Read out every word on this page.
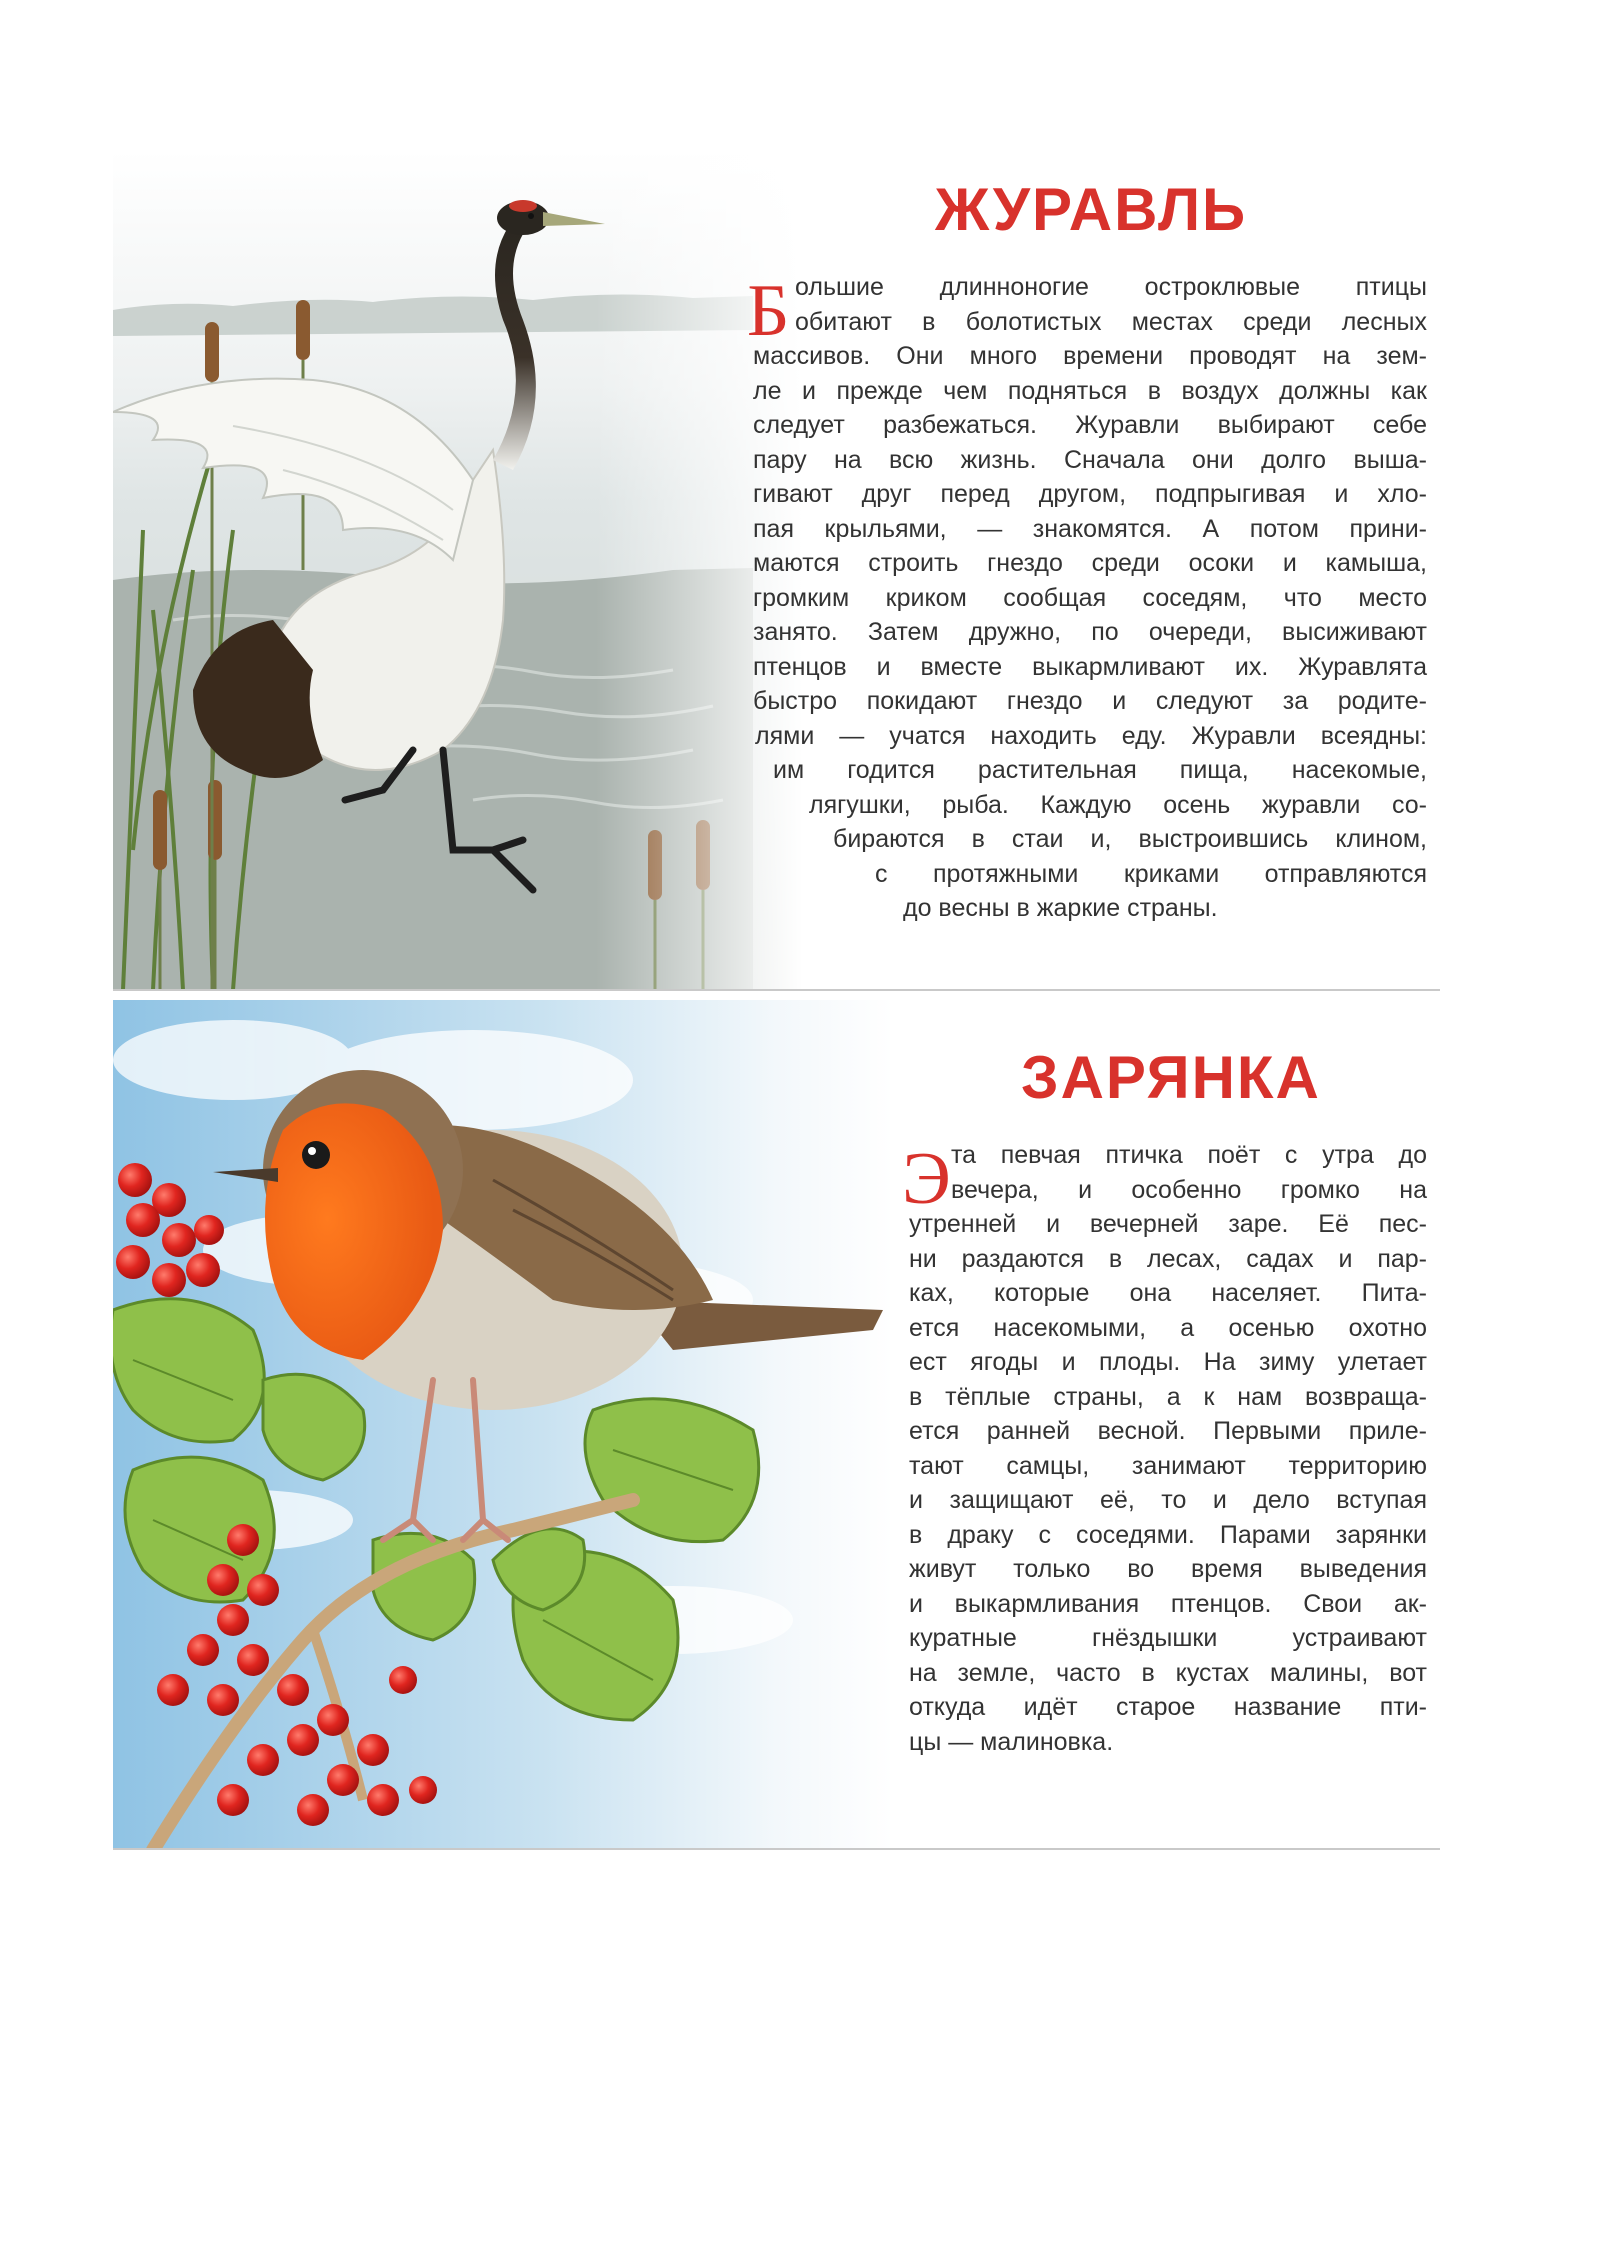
ЖУРАВЛЬ
Б ольшие длинноногие остроклювые птицы
обитают в болотистых местах среди лесных
массивов. Они много времени проводят на зем-
ле и прежде чем подняться в воздух должны как
следует разбежаться. Журавли выбирают себе
пару на всю жизнь. Сначала они долго выша-
гивают друг перед другом, подпрыгивая и хло-
пая крыльями, — знакомятся. А потом прини-
маются строить гнездо среди осоки и камыша,
громким криком сообщая соседям, что место
занято. Затем дружно, по очереди, высиживают
птенцов и вместе выкармливают их. Журавлята
быстро покидают гнездо и следуют за родите-
лями — учатся находить еду. Журавли всеядны:
им годится растительная пища, насекомые,
лягушки, рыба. Каждую осень журавли со-
бираются в стаи и, выстроившись клином,
с протяжными криками отправляются
до весны в жаркие страны.
ЗАРЯНКА
Э та певчая птичка поёт с утра до
вечера, и особенно громко на
утренней и вечерней заре. Её пес-
ни раздаются в лесах, садах и пар-
ках, которые она населяет. Пита-
ется насекомыми, а осенью охотно
ест ягоды и плоды. На зиму улетает
в тёплые страны, а к нам возвраща-
ется ранней весной. Первыми приле-
тают самцы, занимают территорию
и защищают её, то и дело вступая
в драку с соседями. Парами зарянки
живут только во время выведения
и выкармливания птенцов. Свои ак-
куратные гнёздышки устраивают
на земле, часто в кустах малины, вот
откуда идёт старое название пти-
цы — малиновка.
